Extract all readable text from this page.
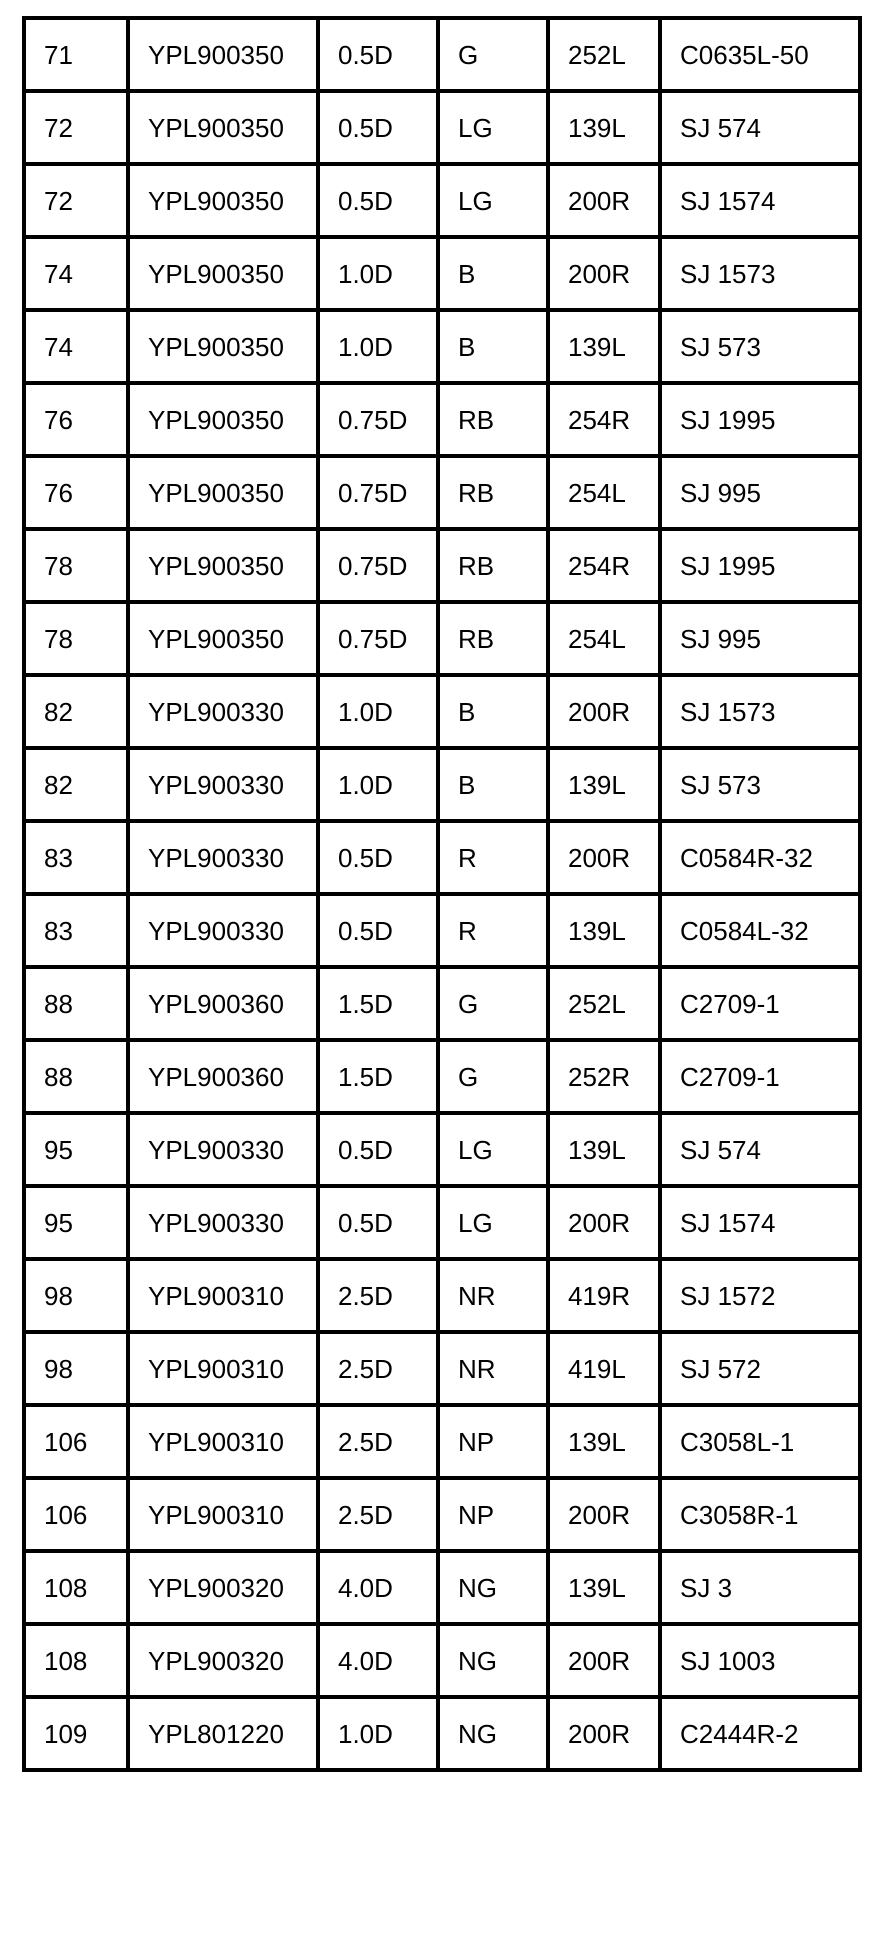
71	YPL900350	0.5D	G	252L	C0635L-50
72	YPL900350	0.5D	LG	139L	SJ 574
72	YPL900350	0.5D	LG	200R	SJ 1574
74	YPL900350	1.0D	B	200R	SJ 1573
74	YPL900350	1.0D	B	139L	SJ 573
76	YPL900350	0.75D	RB	254R	SJ 1995
76	YPL900350	0.75D	RB	254L	SJ 995
78	YPL900350	0.75D	RB	254R	SJ 1995
78	YPL900350	0.75D	RB	254L	SJ 995
82	YPL900330	1.0D	B	200R	SJ 1573
82	YPL900330	1.0D	B	139L	SJ 573
83	YPL900330	0.5D	R	200R	C0584R-32
83	YPL900330	0.5D	R	139L	C0584L-32
88	YPL900360	1.5D	G	252L	C2709-1
88	YPL900360	1.5D	G	252R	C2709-1
95	YPL900330	0.5D	LG	139L	SJ 574
95	YPL900330	0.5D	LG	200R	SJ 1574
98	YPL900310	2.5D	NR	419R	SJ 1572
98	YPL900310	2.5D	NR	419L	SJ 572
106	YPL900310	2.5D	NP	139L	C3058L-1
106	YPL900310	2.5D	NP	200R	C3058R-1
108	YPL900320	4.0D	NG	139L	SJ 3
108	YPL900320	4.0D	NG	200R	SJ 1003
109	YPL801220	1.0D	NG	200R	C2444R-2
